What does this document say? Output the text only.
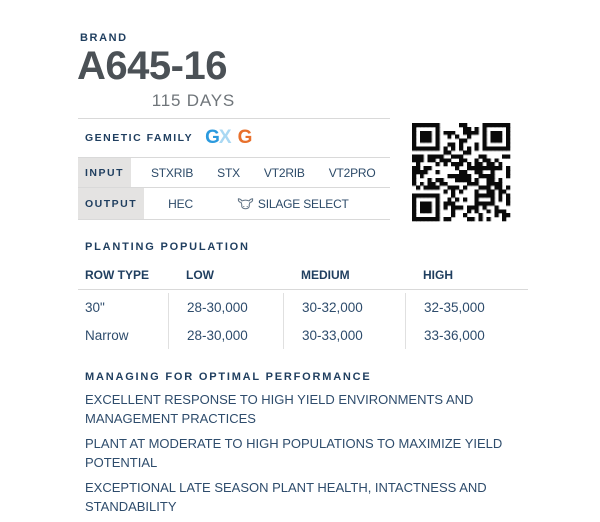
BRAND
A645-16
115 DAYS
GENETIC FAMILY G X G
INPUT STXRIB STX VT2RIB VT2PRO
OUTPUT	HEC	SILAGE SELECT
PLANTING POPULATION
ROW TYPE	LOW	MEDIUM	HIGH
30"	28-30,000	30-32,000	32-35,000
Narrow	28-30,000	30-33,000	33-36,000
MANAGING FOR OPTIMAL PERFORMANCE

EXCELLENT RESPONSE TO HIGH YIELD ENVIRONMENTS AND MANAGEMENT PRACTICES

PLANT AT MODERATE TO HIGH POPULATIONS TO MAXIMIZE YIELD POTENTIAL

EXCEPTIONAL LATE SEASON PLANT HEALTH, INTACTNESS AND STANDABILITY
